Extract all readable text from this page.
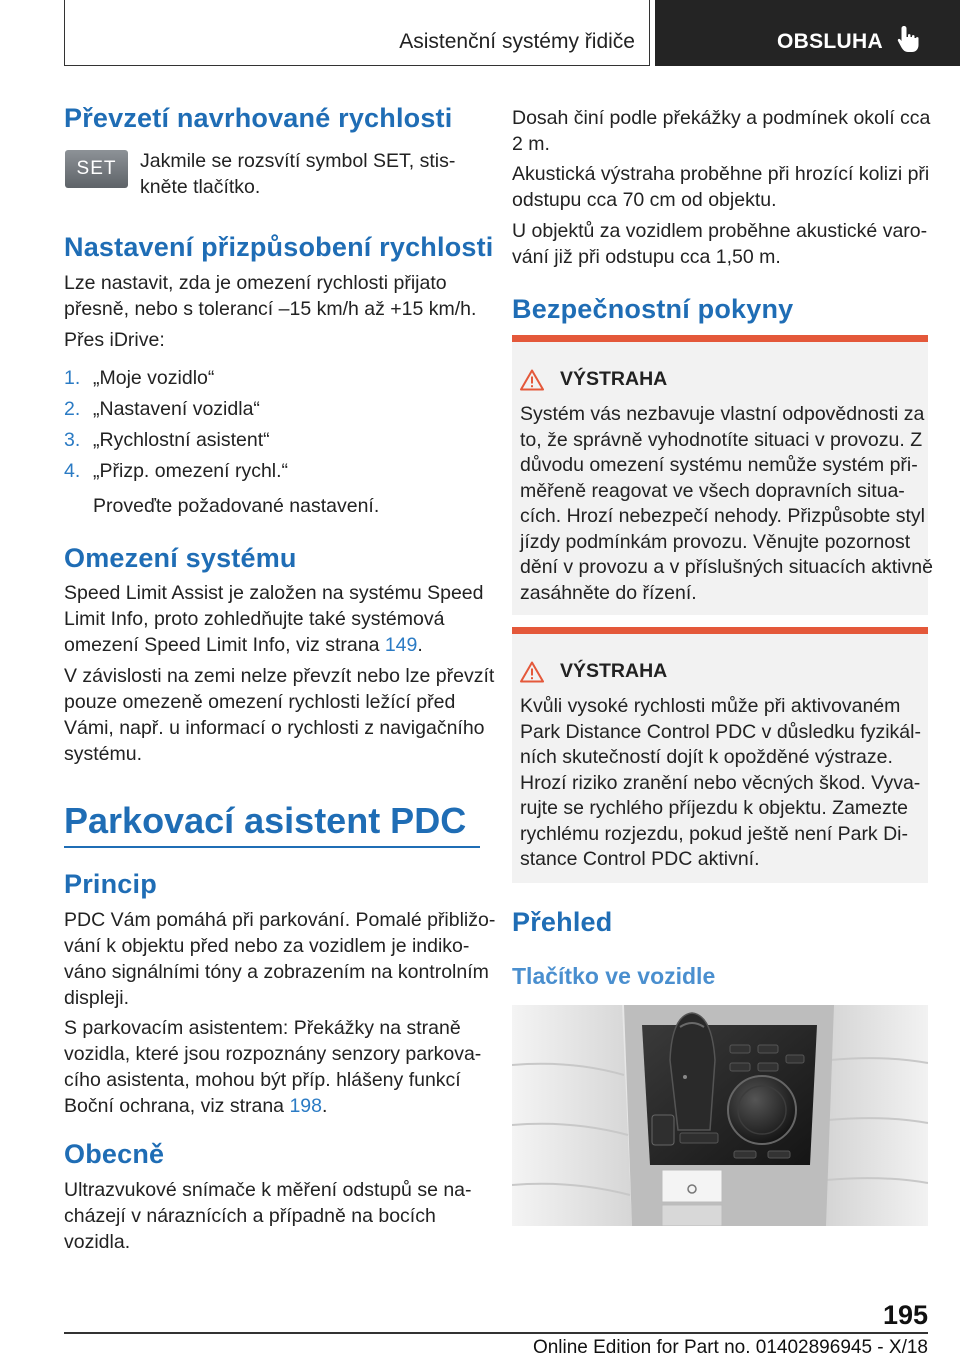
Asistenční systémy řidiče	OBSLUHA
Převzetí navrhované rychlosti
SET	Jakmile se rozsvítí symbol SET, stis-
kněte tlačítko.

Nastavení přizpůsobení rychlosti

Lze nastavit, zda je omezení rychlosti přijato
přesně, nebo s tolerancí –15 km/h až +15 km/h.

Přes iDrive:

1. „Moje vozidlo“
2. „Nastavení vozidla“
3. „Rychlostní asistent“
4. „Přizp. omezení rychl.“

Proveďte požadované nastavení.

Omezení systému

Speed Limit Assist je založen na systému Speed
Limit Info, proto zohledňujte také systémová
omezení Speed Limit Info, viz strana 149.

V závislosti na zemi nelze převzít nebo lze převzít
pouze omezeně omezení rychlosti ležící před
Vámi, např. u informací o rychlosti z navigačního
systému.

Parkovací asistent PDC
Princip

PDC Vám pomáhá při parkování. Pomalé přibližo-
vání k objektu před nebo za vozidlem je indiko-
váno signálními tóny a zobrazením na kontrolním
displeji.

S parkovacím asistentem: Překážky na straně
vozidla, které jsou rozpoznány senzory parkova-
cího asistenta, mohou být příp. hlášeny funkcí
Boční ochrana, viz strana 198.

Obecně

Ultrazvukové snímače k měření odstupů se na-
cházejí v náraznících a případně na bocích
vozidla.

Dosah činí podle překážky a podmínek okolí cca
2 m.

Akustická výstraha proběhne při hrozící kolizi při
odstupu cca 70 cm od objektu.

U objektů za vozidlem proběhne akustické varo-
vání již při odstupu cca 1,50 m.

Bezpečnostní pokyny
VÝSTRAHA
Systém vás nezbavuje vlastní odpovědnosti za
to, že správně vyhodnotíte situaci v provozu. Z
důvodu omezení systému nemůže systém při-
měřeně reagovat ve všech dopravních situa-
cích. Hrozí nebezpečí nehody. Přizpůsobte styl
jízdy podmínkám provozu. Věnujte pozornost
dění v provozu a v příslušných situacích aktivně
zasáhněte do řízení.
VÝSTRAHA
Kvůli vysoké rychlosti může při aktivovaném
Park Distance Control PDC v důsledku fyzikál-
ních skutečností dojít k opožděné výstraze.
Hrozí riziko zranění nebo věcných škod. Vyva-
rujte se rychlého příjezdu k objektu. Zamezte
rychlému rozjezdu, pokud ještě není Park Di-
stance Control PDC aktivní.
Přehled
Tlačítko ve vozidle
195
Online Edition for Part no. 01402896945 - X/18
